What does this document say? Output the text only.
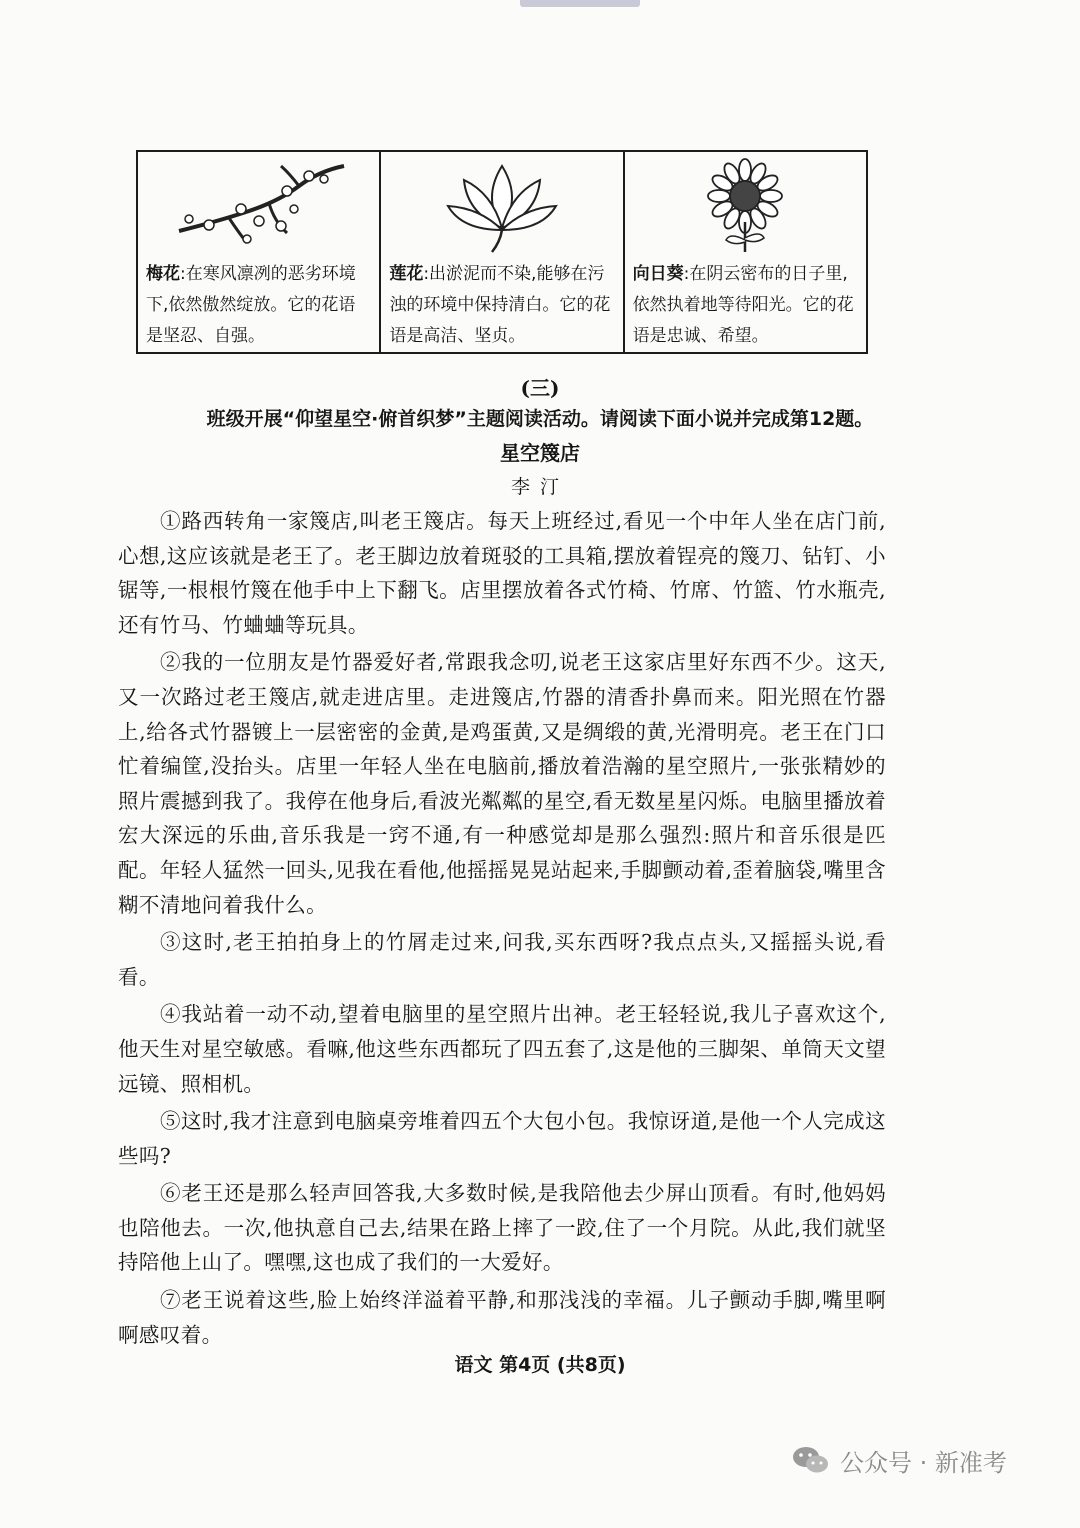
梅花:在寒风凛冽的恶劣环境下,依然傲然绽放。它的花语是坚忍、自强。
莲花:出淤泥而不染,能够在污浊的环境中保持清白。它的花语是高洁、坚贞。
向日葵:在阴云密布的日子里,依然执着地等待阳光。它的花语是忠诚、希望。
(三)
班级开展“仰望星空·俯首织梦”主题阅读活动。请阅读下面小说并完成第12题。
星空篾店
李汀

①路西转角一家篾店,叫老王篾店。每天上班经过,看见一个中年人坐在店门前,心想,这应该就是老王了。老王脚边放着斑驳的工具箱,摆放着锃亮的篾刀、钻钉、小锯等,一根根竹篾在他手中上下翻飞。店里摆放着各式竹椅、竹席、竹篮、竹水瓶壳,还有竹马、竹蛐蛐等玩具。

②我的一位朋友是竹器爱好者,常跟我念叨,说老王这家店里好东西不少。这天,又一次路过老王篾店,就走进店里。走进篾店,竹器的清香扑鼻而来。阳光照在竹器上,给各式竹器镀上一层密密的金黄,是鸡蛋黄,又是绸缎的黄,光滑明亮。老王在门口忙着编筐,没抬头。店里一年轻人坐在电脑前,播放着浩瀚的星空照片,一张张精妙的照片震撼到我了。我停在他身后,看波光粼粼的星空,看无数星星闪烁。电脑里播放着宏大深远的乐曲,音乐我是一窍不通,有一种感觉却是那么强烈:照片和音乐很是匹配。年轻人猛然一回头,见我在看他,他摇摇晃晃站起来,手脚颤动着,歪着脑袋,嘴里含糊不清地问着我什么。

③这时,老王拍拍身上的竹屑走过来,问我,买东西呀?我点点头,又摇摇头说,看看。

④我站着一动不动,望着电脑里的星空照片出神。老王轻轻说,我儿子喜欢这个,他天生对星空敏感。看嘛,他这些东西都玩了四五套了,这是他的三脚架、单筒天文望远镜、照相机。

⑤这时,我才注意到电脑桌旁堆着四五个大包小包。我惊讶道,是他一个人完成这些吗?

⑥老王还是那么轻声回答我,大多数时候,是我陪他去少屏山顶看。有时,他妈妈也陪他去。一次,他执意自己去,结果在路上摔了一跤,住了一个月院。从此,我们就坚持陪他上山了。嘿嘿,这也成了我们的一大爱好。

⑦老王说着这些,脸上始终洋溢着平静,和那浅浅的幸福。儿子颤动手脚,嘴里啊啊感叹着。

语文 第4页 (共8页)
公众号 · 新准考
